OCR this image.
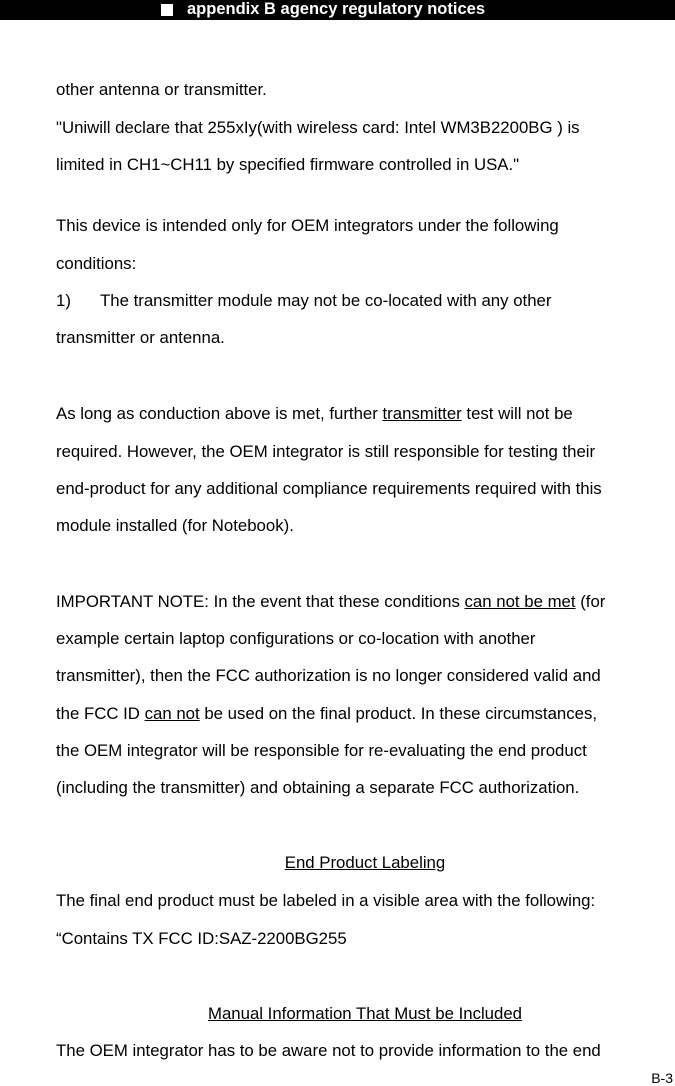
appendix B agency regulatory notices
other antenna or transmitter.
"Uniwill declare that 255xIy(with wireless card: Intel WM3B2200BG ) is
limited in CH1~CH11 by specified firmware controlled in USA."
This device is intended only for OEM integrators under the following
conditions:
1) The transmitter module may not be co-located with any other
transmitter or antenna.
As long as conduction above is met, further transmitter test will not be
required. However, the OEM integrator is still responsible for testing their
end-product for any additional compliance requirements required with this
module installed (for Notebook).
IMPORTANT NOTE: In the event that these conditions can not be met (for
example certain laptop configurations or co-location with another
transmitter), then the FCC authorization is no longer considered valid and
the FCC ID can not be used on the final product. In these circumstances,
the OEM integrator will be responsible for re-evaluating the end product
(including the transmitter) and obtaining a separate FCC authorization.
End Product Labeling
The final end product must be labeled in a visible area with the following:
“Contains TX FCC ID:SAZ-2200BG255
Manual Information That Must be Included
The OEM integrator has to be aware not to provide information to the end
B-3
